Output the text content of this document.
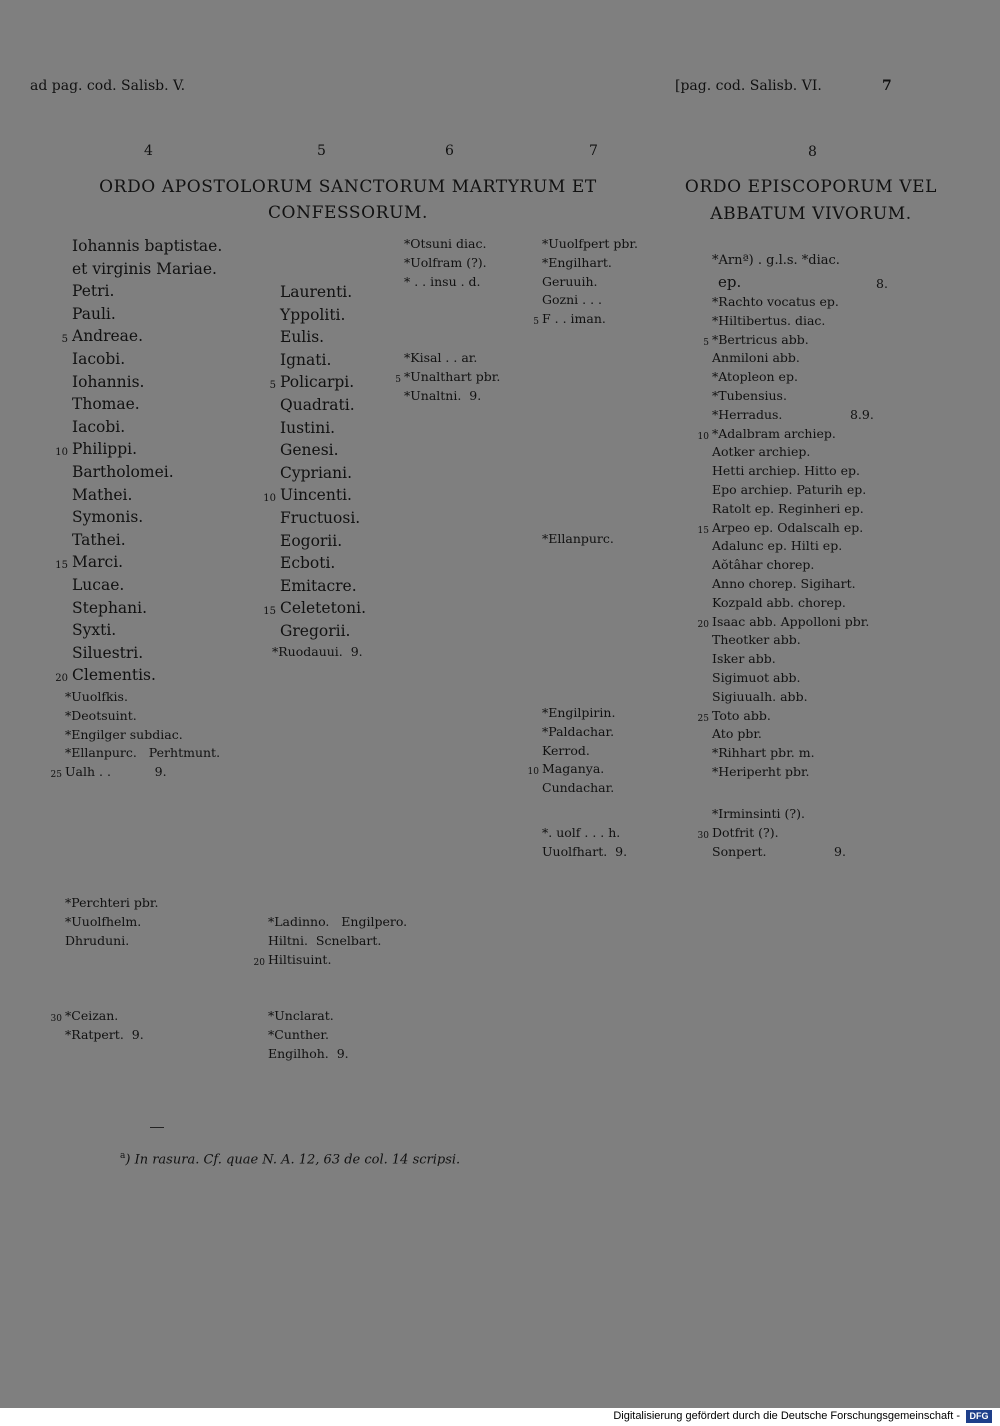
ad pag. cod. Salisb. V.	[pag. cod. Salisb. VI.	7
4	5	6	7	8
ORDO APOSTOLORUM SANCTORUM MARTYRUM ET
CONFESSORUM.
ORDO EPISCOPORUM VEL
ABBATUM VIVORUM.
Iohannis baptistae.
et virginis Mariae.
Petri.
Pauli.
5 Andreae.
Iacobi.
Iohannis.
Thomae.
Iacobi.
10 Philippi.
Bartholomei.
Mathei.
Symonis.
Tathei.
15 Marci.
Lucae.
Stephani.
Syxti.
Siluestri.
20 Clementis.
*Uuolfkis.
*Deotsuint.
*Engilger subdiac.
*Ellanpurc.   Perhtmunt.
25 Ualh . .           9.
*Perchteri pbr.
*Uuolfhelm.
Dhruduni.
30 *Ceizan.
*Ratpert.  9.
Laurenti.
Yppoliti.
Eulis.
Ignati.
5 Policarpi.
Quadrati.
Iustini.
Genesi.
Cypriani.
10 Uincenti.
Fructuosi.
Eogorii.
Ecboti.
Emitacre.
15 Celetetoni.
Gregorii.
*Ruodauui.  9.
*Ladinno.   Engilpero.
Hiltni.  Scnelbart.
20 Hiltisuint.
*Unclarat.
*Cunther.
Engilhoh.  9.
*Otsuni diac.
*Uolfram (?).
* . . insu . d.
*Kisal . . ar.
5 *Unalthart pbr.
*Unaltni.  9.
*Uuolfpert pbr.
*Engilhart.
Geruuih.
Gozni . . .
5 F . . iman.
*Ellanpurc.
*Engilpirin.
*Paldachar.
Kerrod.
10 Maganya.
Cundachar.
*. uolf . . . h.
Uuolfhart.  9.
*Arnª) . g.l.s. *diac.
ep.	8.
*Rachto vocatus ep.
*Hiltibertus. diac.
5 *Bertricus abb.
Anmiloni abb.
*Atopleon ep.
*Tubensius.
*Herradus.                 8.9.
10 *Adalbram archiep.
Aotker archiep.
Hetti archiep. Hitto ep.
Epo archiep. Paturih ep.
Ratolt ep. Reginheri ep.
15 Arpeo ep. Odalscalh ep.
Adalunc ep. Hilti ep.
Aŏtâhar chorep.
Anno chorep. Sigihart.
Kozpald abb. chorep.
20 Isaac abb. Appolloni pbr.
Theotker abb.
Isker abb.
Sigimuot abb.
Sigiuualh. abb.
25 Toto abb.
Ato pbr.
*Rihhart pbr. m.
*Heriperht pbr.
*Irminsinti (?).
30 Dotfrit (?).
Sonpert.                 9.
$^a$) In rasura. Cf. quae N. A. 12, 63 de col. 14 scripsi.
Digitalisierung gefördert durch die Deutsche Forschungsgemeinschaft -	DFG
